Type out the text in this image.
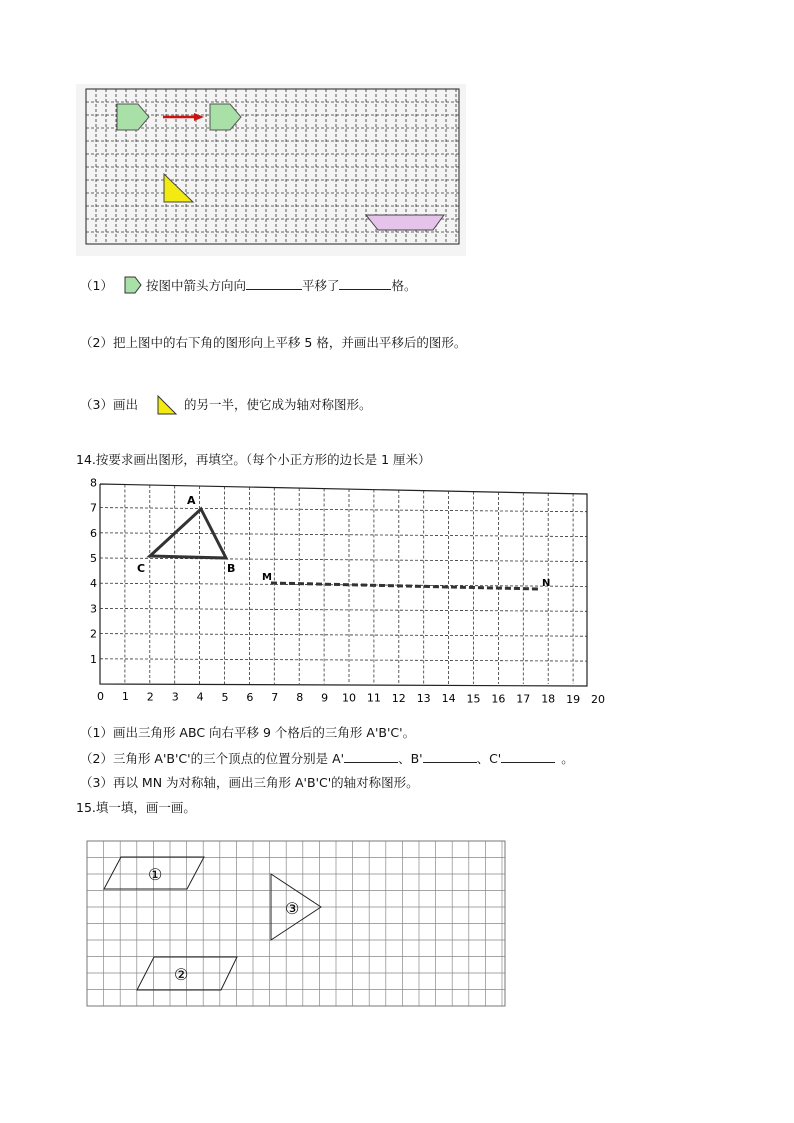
（1）	按图中箭头方向向	平移了	格。
（2）把上图中的右下角的图形向上平移 5 格，并画出平移后的图形。
（3）画出	的另一半，使它成为轴对称图形。
14.按要求画出图形，再填空。（每个小正方形的边长是 1 厘米）
1
2
3
4
5
6
7
8
0 1 2 3 4 5 6 7 8 9 10 11 12 13 14 15 16 17 18 19 20
A
B
C
M
N
（1）画出三角形 ABC 向右平移 9 个格后的三角形 A'B'C'。
（2）三角形 A'B'C'的三个顶点的位置分别是 A'	、B'	、C'	。
（3）再以 MN 为对称轴，画出三角形 A'B'C'的轴对称图形。
15.填一填，画一画。
①
③
②
